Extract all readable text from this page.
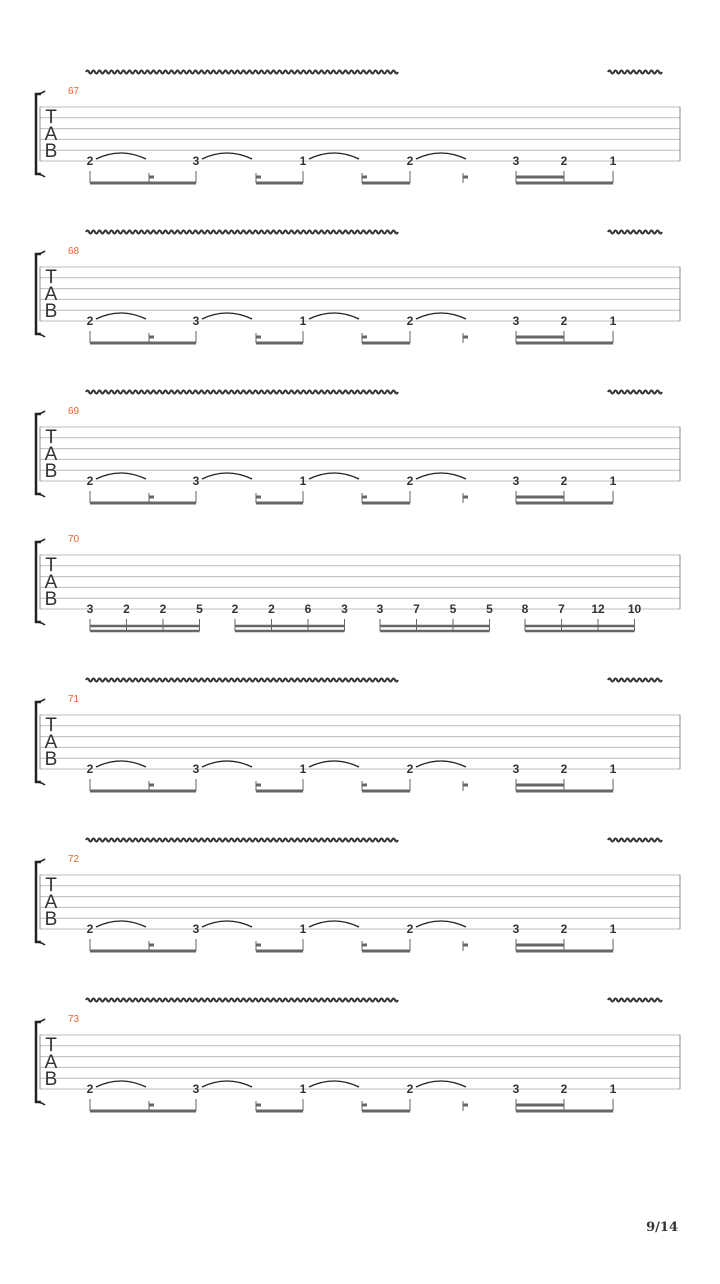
T
A
B
67
2	3	1	2	3	2	1
T
A
B
68
2	3	1	2	3	2	1
T
A
B
69
2	3	1	2	3	2	1
T
A
B
70
3 2 2 5 2 2 6 3 3 7 5 5 8 7 12 10
T
A
B
71
2	3	1	2	3	2	1
T
A
B
72
2	3	1	2	3	2	1
T
A
B
73
2	3	1	2	3	2	1
9/14
